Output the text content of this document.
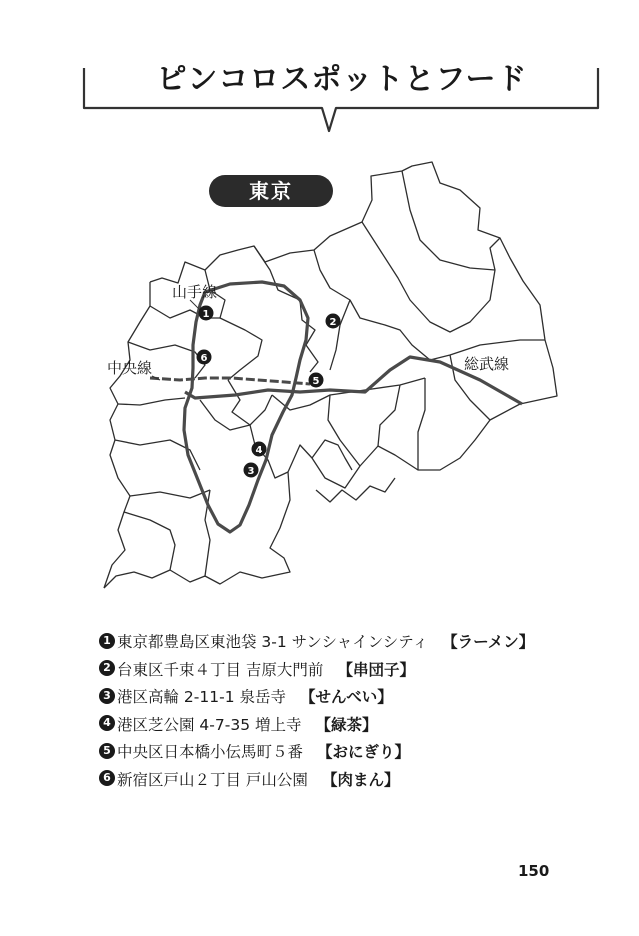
ピンコロスポットとフード
東京
1
2
3
4
5
6
山手線
中央線	総武線
1 東京都豊島区東池袋 3-1 サンシャインシティ 【ラーメン】
2 台東区千束４丁目 吉原大門前 【串団子】
3 港区高輪 2-11-1 泉岳寺 【せんべい】
4 港区芝公園 4-7-35 増上寺 【緑茶】
5 中央区日本橋小伝馬町５番 【おにぎり】
6 新宿区戸山２丁目 戸山公園 【肉まん】
150
